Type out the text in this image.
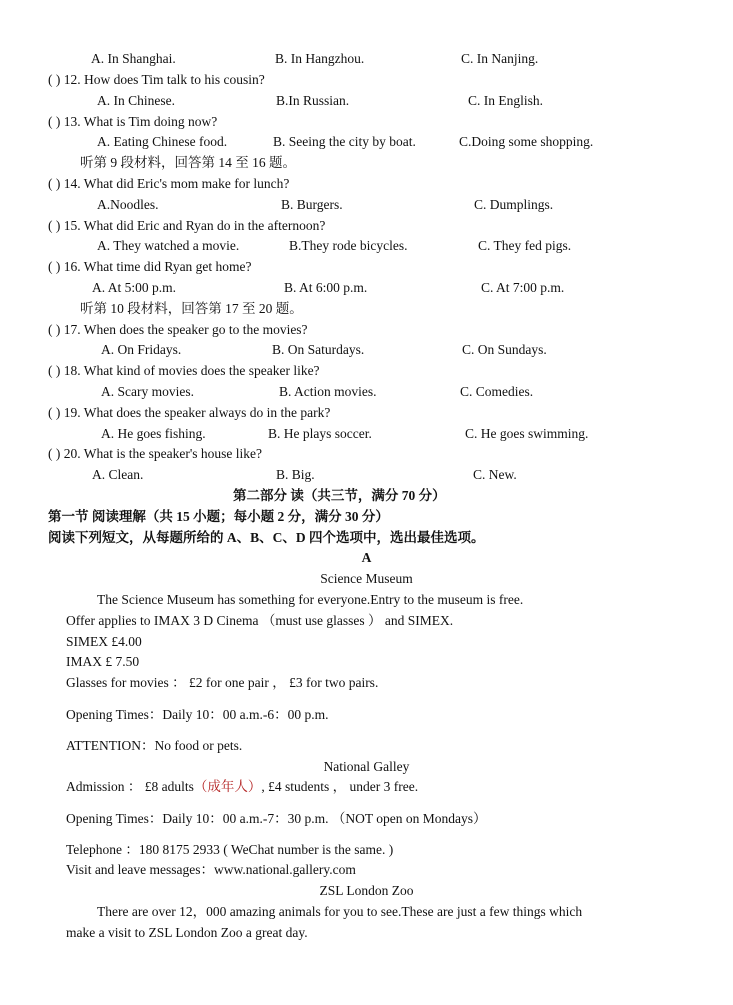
A. In Shanghai.	B. In Hangzhou.	C. In Nanjing.
( ) 12. How does Tim talk to his cousin?
A. In Chinese.	B.In Russian.	C. In English.
( ) 13. What is Tim doing now?
A. Eating Chinese food.	B. Seeing the city by boat.	C.Doing some shopping.
听第 9 段材料，回答第 14 至 16 题。
( ) 14. What did Eric's mom make for lunch?
A.Noodles.	B. Burgers.	C. Dumplings.
( ) 15. What did Eric and Ryan do in the afternoon?
A. They watched a movie.	B.They rode bicycles.	C. They fed pigs.
( ) 16. What time did Ryan get home?
A. At 5:00 p.m.	B. At 6:00 p.m.	C. At 7:00 p.m.
听第 10 段材料，回答第 17 至 20 题。
( ) 17. When does the speaker go to the movies?
A. On Fridays.	B. On Saturdays.	C. On Sundays.
( ) 18. What kind of movies does the speaker like?
A. Scary movies.	B. Action movies.	C. Comedies.
( ) 19. What does the speaker always do in the park?
A. He goes fishing.	B. He plays soccer.	C. He goes swimming.
( ) 20. What is the speaker's house like?
A. Clean.	B. Big.	C. New.
第二部分 读（共三节，满分 70 分）
第一节 阅读理解（共 15 小题；每小题 2 分，满分 30 分）
阅读下列短文，从每题所给的 A、B、C、D 四个选项中，选出最佳选项。
A
Science Museum
The Science Museum has something for everyone.Entry to the museum is free.
Offer applies to IMAX 3 D Cinema （must use glasses ） and SIMEX.
SIMEX £4.00
IMAX £ 7.50
Glasses for movies ： £2 for one pair ， £3 for two pairs.
Opening Times：Daily 10：00 a.m.-6：00 p.m.
ATTENTION：No food or pets.
National Galley
Admission ： £8 adults（成年人）, £4 students ， under 3 free.
Opening Times：Daily 10：00 a.m.-7：30 p.m. （NOT open on Mondays）
Telephone ：180 8175 2933 ( WeChat number is the same. )
Visit and leave messages：www.national.gallery.com
ZSL London Zoo
There are over 12，000 amazing animals for you to see.These are just a few things which
make a visit to ZSL London Zoo a great day.
